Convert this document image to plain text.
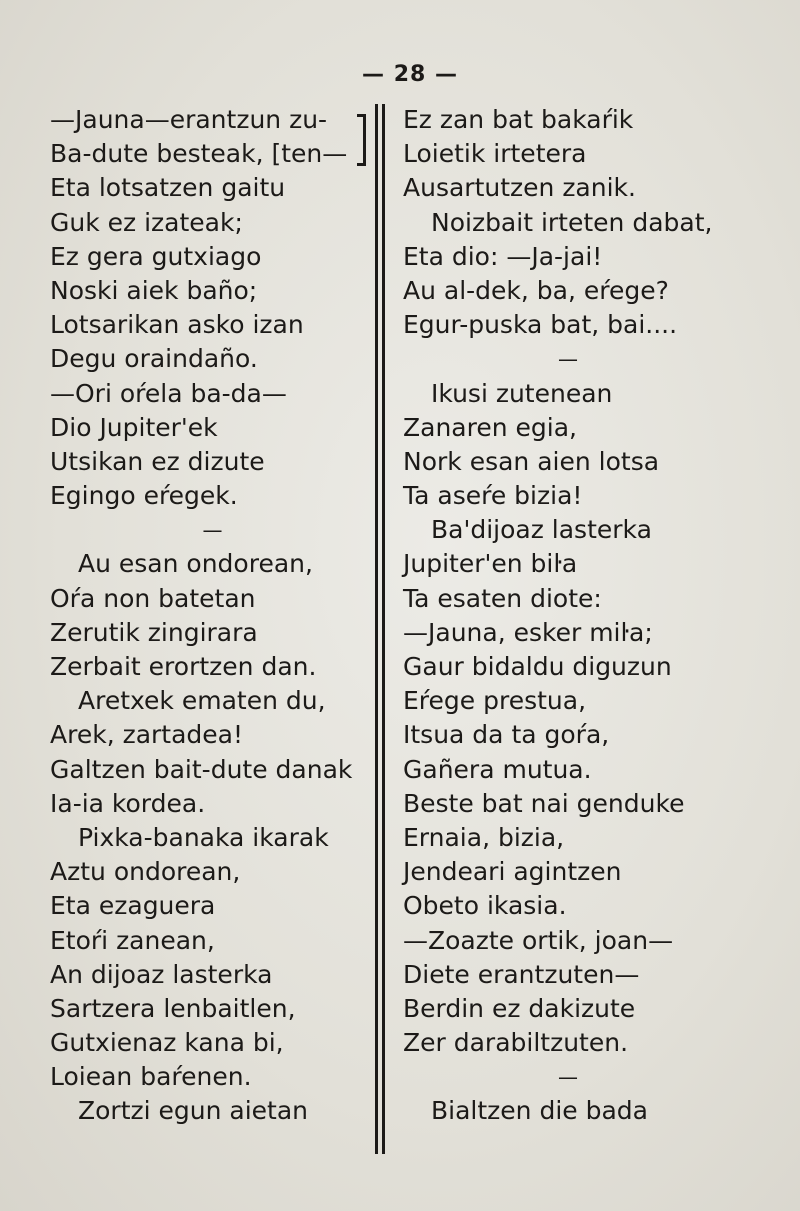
— 28 —
—Jauna—erantzun zu-
Ba-dute besteak, [ten—
Eta lotsatzen gaitu
Guk ez izateak;
Ez gera gutxiago
Noski aiek baño;
Lotsarikan asko izan
Degu oraindaño.
—Ori oŕela ba-da—
Dio Jupiter'ek
Utsikan ez dizute
Egingo eŕegek.
—
Au esan ondorean,
Oŕa non batetan
Zerutik zingirara
Zerbait erortzen dan.
Aretxek ematen du,
Arek, zartadea!
Galtzen bait-dute danak
Ia-ia kordea.
Pixka-banaka ikarak
Aztu ondorean,
Eta ezaguera
Etoŕi zanean,
An dijoaz lasterka
Sartzera lenbaitlen,
Gutxienaz kana bi,
Loiean baŕenen.
Zortzi egun aietan
Ez zan bat bakaŕik
Loietik irtetera
Ausartutzen zanik.
Noizbait irteten dabat,
Eta dio: —Ja-jai!
Au al-dek, ba, eŕege?
Egur-puska bat, bai....
—
Ikusi zutenean
Zanaren egia,
Nork esan aien lotsa
Ta aseŕe bizia!
Ba'dijoaz lasterka
Jupiter'en biŀa
Ta esaten diote:
—Jauna, esker miŀa;
Gaur bidaldu diguzun
Eŕege prestua,
Itsua da ta goŕa,
Gañera mutua.
Beste bat nai genduke
Ernaia, bizia,
Jendeari agintzen
Obeto ikasia.
—Zoazte ortik, joan—
Diete erantzuten—
Berdin ez dakizute
Zer darabiltzuten.
—
Bialtzen die bada
